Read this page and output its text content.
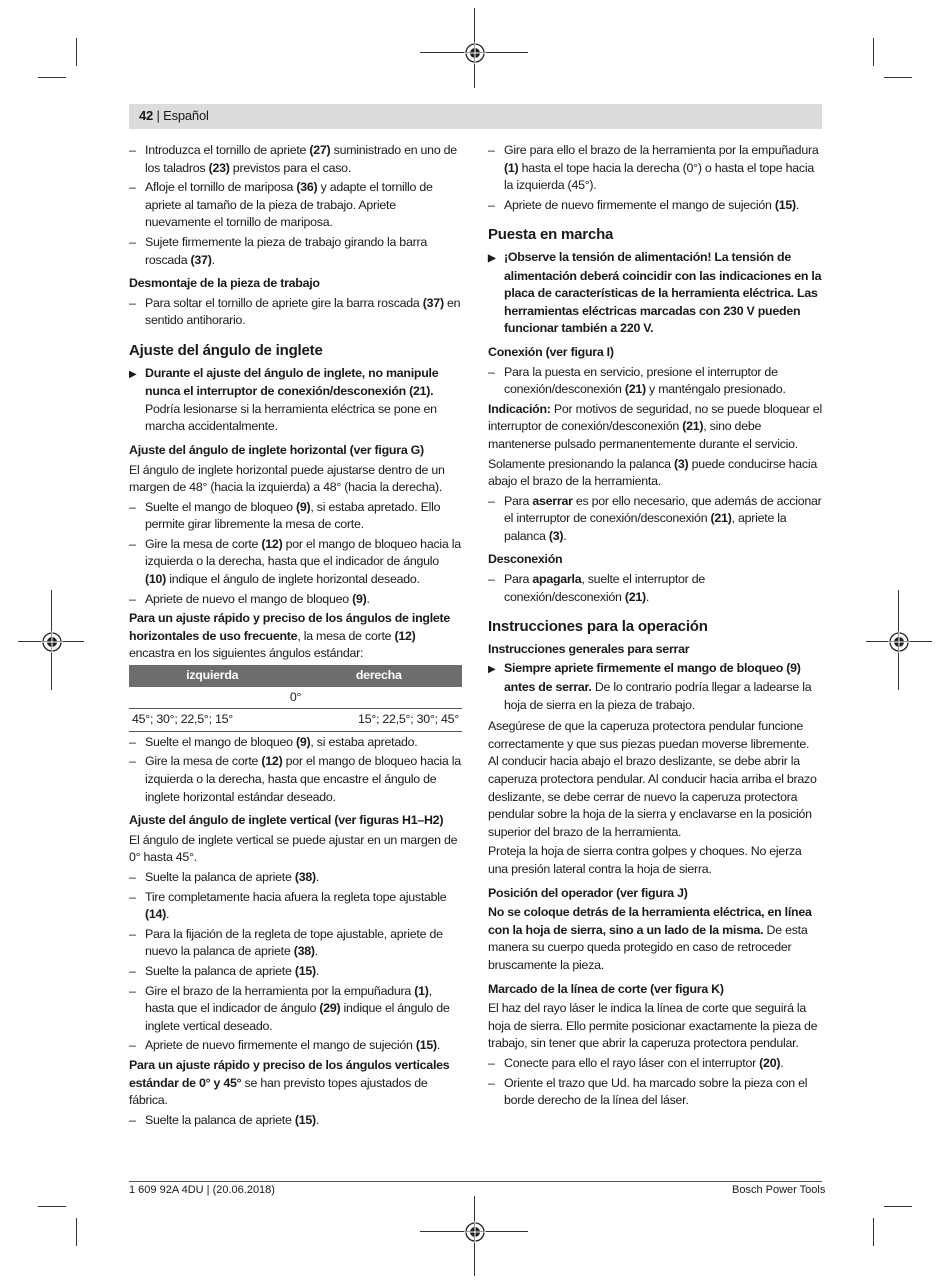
42 | Español
– Introduzca el tornillo de apriete (27) suministrado en uno de los taladros (23) previstos para el caso.
– Afloje el tornillo de mariposa (36) y adapte el tornillo de apriete al tamaño de la pieza de trabajo. Apriete nuevamente el tornillo de mariposa.
– Sujete firmemente la pieza de trabajo girando la barra roscada (37).
Desmontaje de la pieza de trabajo
– Para soltar el tornillo de apriete gire la barra roscada (37) en sentido antihorario.
Ajuste del ángulo de inglete
▶ Durante el ajuste del ángulo de inglete, no manipule nunca el interruptor de conexión/desconexión (21). Podría lesionarse si la herramienta eléctrica se pone en marcha accidentalmente.
Ajuste del ángulo de inglete horizontal (ver figura G)
El ángulo de inglete horizontal puede ajustarse dentro de un margen de 48° (hacia la izquierda) a 48° (hacia la derecha).
– Suelte el mango de bloqueo (9), si estaba apretado. Ello permite girar libremente la mesa de corte.
– Gire la mesa de corte (12) por el mango de bloqueo hacia la izquierda o la derecha, hasta que el indicador de ángulo (10) indique el ángulo de inglete horizontal deseado.
– Apriete de nuevo el mango de bloqueo (9).
Para un ajuste rápido y preciso de los ángulos de inglete horizontales de uso frecuente, la mesa de corte (12) encastra en los siguientes ángulos estándar:
izquierda	derecha
0°	
45°; 30°; 22,5°; 15°	15°; 22,5°; 30°; 45°
– Suelte el mango de bloqueo (9), si estaba apretado.
– Gire la mesa de corte (12) por el mango de bloqueo hacia la izquierda o la derecha, hasta que encastre el ángulo de inglete horizontal estándar deseado.
Ajuste del ángulo de inglete vertical (ver figuras H1–H2)
El ángulo de inglete vertical se puede ajustar en un margen de 0° hasta 45°.
– Suelte la palanca de apriete (38).
– Tire completamente hacia afuera la regleta tope ajustable (14).
– Para la fijación de la regleta de tope ajustable, apriete de nuevo la palanca de apriete (38).
– Suelte la palanca de apriete (15).
– Gire el brazo de la herramienta por la empuñadura (1), hasta que el indicador de ángulo (29) indique el ángulo de inglete vertical deseado.
– Apriete de nuevo firmemente el mango de sujeción (15).
Para un ajuste rápido y preciso de los ángulos verticales estándar de 0° y 45° se han previsto topes ajustados de fábrica.
– Suelte la palanca de apriete (15).
– Gire para ello el brazo de la herramienta por la empuñadura (1) hasta el tope hacia la derecha (0°) o hasta el tope hacia la izquierda (45°).
– Apriete de nuevo firmemente el mango de sujeción (15).
Puesta en marcha
▶ ¡Observe la tensión de alimentación! La tensión de alimentación deberá coincidir con las indicaciones en la placa de características de la herramienta eléctrica. Las herramientas eléctricas marcadas con 230 V pueden funcionar también a 220 V.
Conexión (ver figura I)
– Para la puesta en servicio, presione el interruptor de conexión/desconexión (21) y manténgalo presionado.
Indicación: Por motivos de seguridad, no se puede bloquear el interruptor de conexión/desconexión (21), sino debe mantenerse pulsado permanentemente durante el servicio.
Solamente presionando la palanca (3) puede conducirse hacia abajo el brazo de la herramienta.
– Para aserrar es por ello necesario, que además de accionar el interruptor de conexión/desconexión (21), apriete la palanca (3).
Desconexión
– Para apagarla, suelte el interruptor de conexión/desconexión (21).
Instrucciones para la operación
Instrucciones generales para serrar
▶ Siempre apriete firmemente el mango de bloqueo (9) antes de serrar. De lo contrario podría llegar a ladearse la hoja de sierra en la pieza de trabajo.
Asegúrese de que la caperuza protectora pendular funcione correctamente y que sus piezas puedan moverse libremente. Al conducir hacia abajo el brazo deslizante, se debe abrir la caperuza protectora pendular. Al conducir hacia arriba el brazo deslizante, se debe cerrar de nuevo la caperuza protectora pendular sobre la hoja de la sierra y enclavarse en la posición superior del brazo de la herramienta.
Proteja la hoja de sierra contra golpes y choques. No ejerza una presión lateral contra la hoja de sierra.
Posición del operador (ver figura J)
No se coloque detrás de la herramienta eléctrica, en línea con la hoja de sierra, sino a un lado de la misma. De esta manera su cuerpo queda protegido en caso de retroceder bruscamente la pieza.
Marcado de la línea de corte (ver figura K)
El haz del rayo láser le indica la línea de corte que seguirá la hoja de sierra. Ello permite posicionar exactamente la pieza de trabajo, sin tener que abrir la caperuza protectora pendular.
– Conecte para ello el rayo láser con el interruptor (20).
– Oriente el trazo que Ud. ha marcado sobre la pieza con el borde derecho de la línea del láser.
1 609 92A 4DU | (20.06.2018)	Bosch Power Tools
